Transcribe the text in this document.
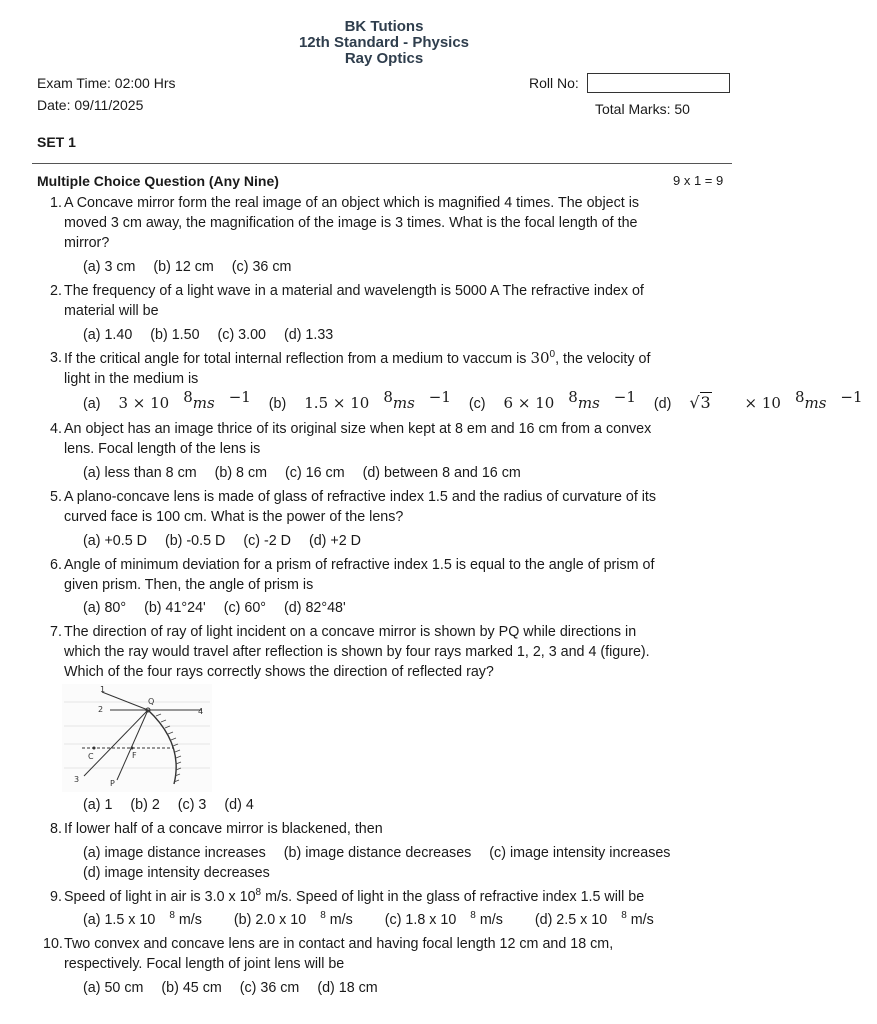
BK Tutions
12th Standard - Physics
Ray Optics
Exam Time: 02:00 Hrs
Date: 09/11/2025
Roll No:
Total Marks: 50
SET 1
Multiple Choice Question (Any Nine)	9 x 1 = 9
1. A Concave mirror form the real image of an object which is magnified 4 times. The object is
moved 3 cm away, the magnification of the image is 3 times. What is the focal length of the
mirror?
(a) 3 cm (b) 12 cm (c) 36 cm
2. The frequency of a light wave in a material and wavelength is 5000 A The refractive index of
material will be
(a) 1.40 (b) 1.50 (c) 3.00 (d) 1.33
3. If the critical angle for total internal reflection from a medium to vaccum is $30^0$, the velocity of
light in the medium is
(a) 3 × 10 $^8$ms $^{-1}$ (b) 1.5 × 10 $^8$ms $^{-1}$ (c) 6 × 10 $^8$ms $^{-1}$ (d) √3 × 10 $^8$ms $^{-1}$
4. An object has an image thrice of its original size when kept at 8 em and 16 cm from a convex
lens. Focal length of the lens is
(a) less than 8 cm (b) 8 cm (c) 16 cm (d) between 8 and 16 cm
5. A plano-concave lens is made of glass of refractive index 1.5 and the radius of curvature of its
curved face is 100 cm. What is the power of the lens?
(a) +0.5 D (b) -0.5 D (c) -2 D (d) +2 D
6. Angle of minimum deviation for a prism of refractive index 1.5 is equal to the angle of prism of
given prism. Then, the angle of prism is
(a) 80° (b) 41°24' (c) 60° (d) 82°48'
7. The direction of ray of light incident on a concave mirror is shown by PQ while directions in
which the ray would travel after reflection is shown by four rays marked 1, 2, 3 and 4 (figure).
Which of the four rays correctly shows the direction of reflected ray?
1
2
Q
4
C	F
3	P
(a) 1 (b) 2 (c) 3 (d) 4
8. If lower half of a concave mirror is blackened, then
(a) image distance increases (b) image distance decreases (c) image intensity increases
(d) image intensity decreases
9. Speed of light in air is 3.0 x $10^8$ m/s. Speed of light in the glass of refractive index 1.5 will be
(a) 1.5 x 10 $^8$ m/s (b) 2.0 x 10 $^8$ m/s (c) 1.8 x 10 $^8$ m/s (d) 2.5 x 10 $^8$ m/s
10. Two convex and concave lens are in contact and having focal length 12 cm and 18 cm,
respectively. Focal length of joint lens will be
(a) 50 cm (b) 45 cm (c) 36 cm (d) 18 cm
